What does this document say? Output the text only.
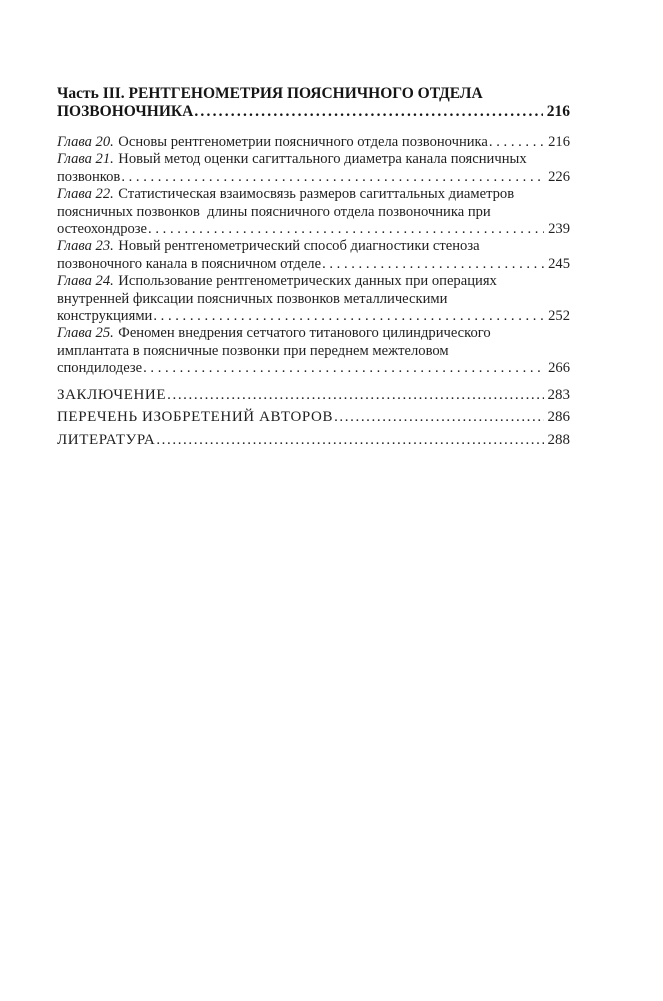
Часть III. РЕНТГЕНОМЕТРИЯ ПОЯСНИЧНОГО ОТДЕЛА
ПОЗВОНОЧНИКА .....	216
Глава 20. Основы рентгенометрии поясничного отдела позвоночника . . .	216
Глава 21. Новый метод оценки сагиттального диаметра канала поясничных
позвонков . . .	226
Глава 22. Статистическая взаимосвязь размеров сагиттальных диаметров
поясничных позвонков  длины поясничного отдела позвоночника при
остеохондрозе . . .	239
Глава 23. Новый рентгенометрический способ диагностики стеноза
позвоночного канала в поясничном отделе . . .	245
Глава 24. Использование рентгенометрических данных при операциях
внутренней фиксации поясничных позвонков металлическими
конструкциями . . .	252
Глава 25. Феномен внедрения сетчатого титанового цилиндрического
имплантата в поясничные позвонки при переднем межтеловом
спондилодезе . . .	266
ЗАКЛЮЧЕНИЕ .....	283
ПЕРЕЧЕНЬ ИЗОБРЕТЕНИЙ АВТОРОВ .....	286
ЛИТЕРАТУРА .....	288
